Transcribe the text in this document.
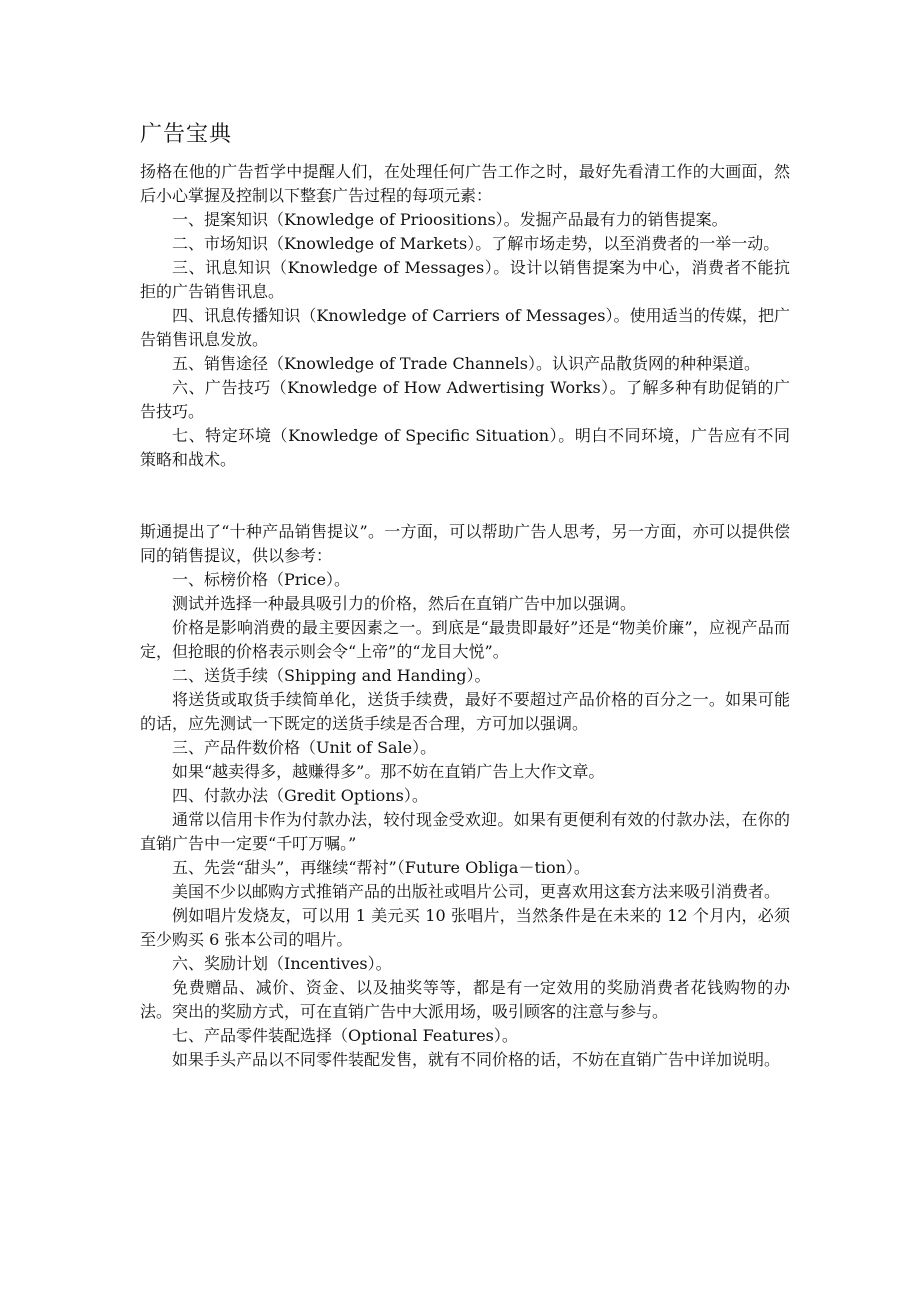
广告宝典

扬格在他的广告哲学中提醒人们，在处理任何广告工作之时，最好先看清工作的大画面，然后小心掌握及控制以下整套广告过程的每项元素：

一、提案知识（Knowledge of Prioositions）。发掘产品最有力的销售提案。

二、市场知识（Knowledge of Markets）。了解市场走势，以至消费者的一举一动。

三、讯息知识（Knowledge of Messages）。设计以销售提案为中心，消费者不能抗拒的广告销售讯息。

四、讯息传播知识（Knowledge of Carriers of Messages）。使用适当的传媒，把广告销售讯息发放。

五、销售途径（Knowledge of Trade Channels）。认识产品散货网的种种渠道。

六、广告技巧（Knowledge of How Adwertising Works）。了解多种有助促销的广告技巧。

七、特定环境（Knowledge of Specific Situation）。明白不同环境，广告应有不同策略和战术。

斯通提出了“十种产品销售提议”。一方面，可以帮助广告人思考，另一方面，亦可以提供偿同的销售提议，供以参考：

一、标榜价格（Price）。

测试并选择一种最具吸引力的价格，然后在直销广告中加以强调。

价格是影响消费的最主要因素之一。到底是“最贵即最好”还是“物美价廉”，应视产品而定，但抢眼的价格表示则会令“上帝”的“龙目大悦”。

二、送货手续（Shipping and Handing）。

将送货或取货手续简单化，送货手续费，最好不要超过产品价格的百分之一。如果可能的话，应先测试一下既定的送货手续是否合理，方可加以强调。

三、产品件数价格（Unit of Sale）。

如果“越卖得多，越赚得多”。那不妨在直销广告上大作文章。

四、付款办法（Gredit Options）。

通常以信用卡作为付款办法，较付现金受欢迎。如果有更便利有效的付款办法，在你的直销广告中一定要“千叮万嘱。”

五、先尝“甜头”，再继续“帮衬”（Future Obliga－tion）。

美国不少以邮购方式推销产品的出版社或唱片公司，更喜欢用这套方法来吸引消费者。

例如唱片发烧友，可以用 1 美元买 10 张唱片，当然条件是在未来的 12 个月内，必须至少购买 6 张本公司的唱片。

六、奖励计划（Incentives）。

免费赠品、减价、资金、以及抽奖等等，都是有一定效用的奖励消费者花钱购物的办法。突出的奖励方式，可在直销广告中大派用场，吸引顾客的注意与参与。

七、产品零件装配选择（Optional Features）。

如果手头产品以不同零件装配发售，就有不同价格的话，不妨在直销广告中详加说明。
